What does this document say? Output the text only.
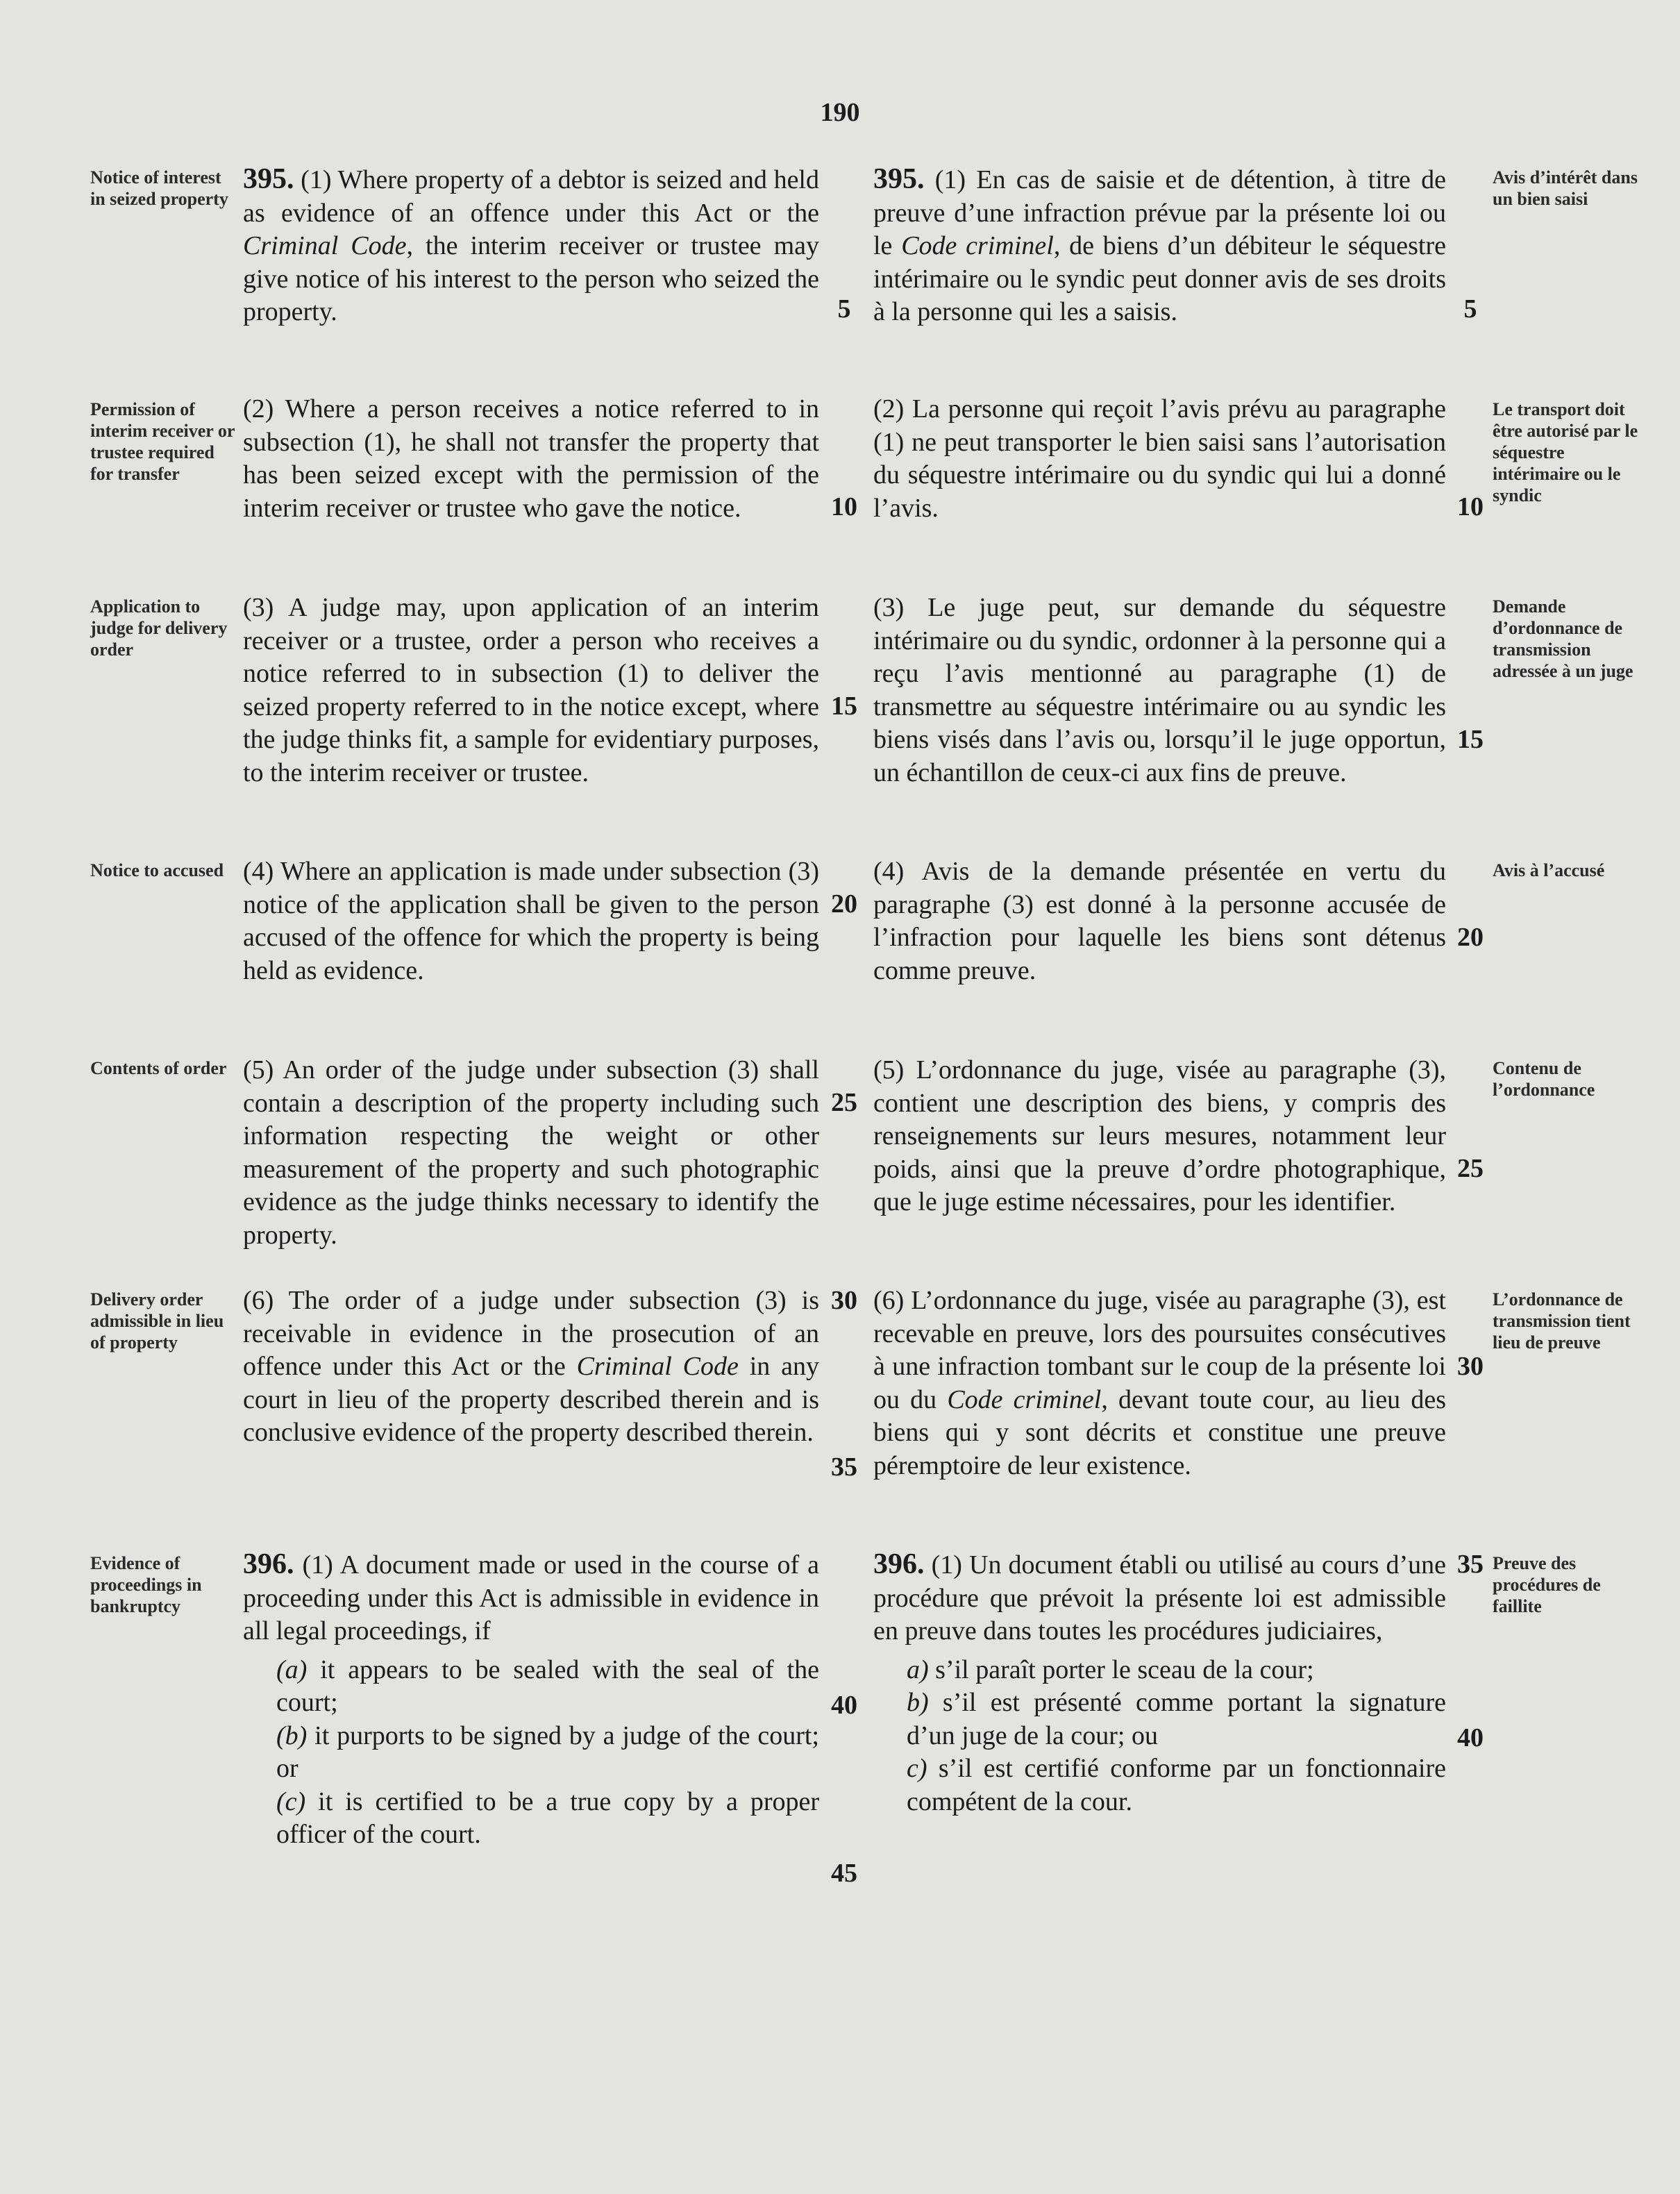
190
Notice of interest in seized property
Permission of interim receiver or trustee required for transfer
Application to judge for delivery order
Notice to accused
Contents of order
Delivery order admissible in lieu of property
Evidence of proceedings in bankruptcy
Avis d’intérêt dans un bien saisi
Le transport doit être autorisé par le séquestre intérimaire ou le syndic
Demande d’ordonnance de transmission adressée à un juge
Avis à l’accusé
Contenu de l’ordonnance
L’ordonnance de transmission tient lieu de preuve
Preuve des procédures de faillite

395. (1) Where property of a debtor is seized and held as evidence of an offence under this Act or the Criminal Code, the interim receiver or trustee may give notice of his interest to the person who seized the property.

(2) Where a person receives a notice referred to in subsection (1), he shall not transfer the property that has been seized except with the permission of the interim receiver or trustee who gave the notice.
(3) A judge may, upon application of an interim receiver or a trustee, order a person who receives a notice referred to in subsection (1) to deliver the seized property referred to in the notice except, where the judge thinks fit, a sample for evidentiary purposes, to the interim receiver or trustee.
(4) Where an application is made under subsection (3) notice of the application shall be given to the person accused of the offence for which the property is being held as evidence.
(5) An order of the judge under subsection (3) shall contain a description of the property including such information respecting the weight or other measurement of the property and such photographic evidence as the judge thinks necessary to identify the property.

(6) The order of a judge under subsection (3) is receivable in evidence in the prosecution of an offence under this Act or the Criminal Code in any court in lieu of the property described therein and is conclusive evidence of the property described therein.

396. (1) A document made or used in the course of a proceeding under this Act is admissible in evidence in all legal proceedings, if

(a) it appears to be sealed with the seal of the court;

(b) it purports to be signed by a judge of the court; or

(c) it is certified to be a true copy by a proper officer of the court.

395. (1) En cas de saisie et de détention, à titre de preuve d’une infraction prévue par la présente loi ou le Code criminel, de biens d’un débiteur le séquestre intérimaire ou le syndic peut donner avis de ses droits à la personne qui les a saisis.

(2) La personne qui reçoit l’avis prévu au paragraphe (1) ne peut transporter le bien saisi sans l’autorisation du séquestre intérimaire ou du syndic qui lui a donné l’avis.
(3) Le juge peut, sur demande du séquestre intérimaire ou du syndic, ordonner à la personne qui a reçu l’avis mentionné au paragraphe (1) de transmettre au séquestre intérimaire ou au syndic les biens visés dans l’avis ou, lorsqu’il le juge opportun, un échantillon de ceux-ci aux fins de preuve.
(4) Avis de la demande présentée en vertu du paragraphe (3) est donné à la personne accusée de l’infraction pour laquelle les biens sont détenus comme preuve.
(5) L’ordonnance du juge, visée au paragraphe (3), contient une description des biens, y compris des renseignements sur leurs mesures, notamment leur poids, ainsi que la preuve d’ordre photographique, que le juge estime nécessaires, pour les identifier.

(6) L’ordonnance du juge, visée au paragraphe (3), est recevable en preuve, lors des poursuites consécutives à une infraction tombant sur le coup de la présente loi ou du Code criminel, devant toute cour, au lieu des biens qui y sont décrits et constitue une preuve péremptoire de leur existence.

396. (1) Un document établi ou utilisé au cours d’une procédure que prévoit la présente loi est admissible en preuve dans toutes les procédures judiciaires,

a) s’il paraît porter le sceau de la cour;

b) s’il est présenté comme portant la signature d’un juge de la cour; ou

c) s’il est certifié conforme par un fonctionnaire compétent de la cour.

5
10
15
20
25
30
35
40
45
5
10
15
20
25
30
35
40
